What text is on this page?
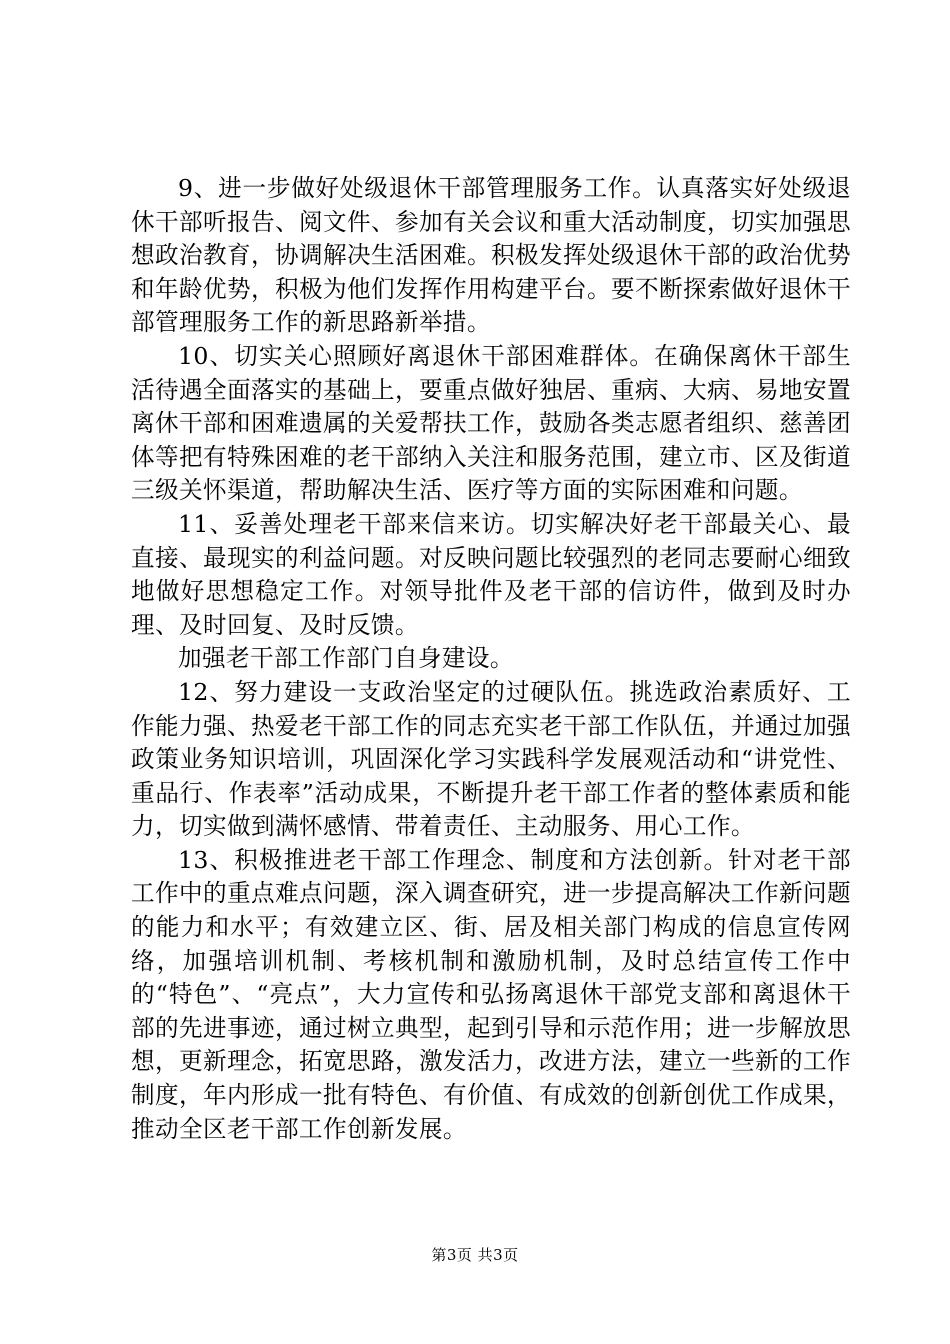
9、进一步做好处级退休干部管理服务工作。认真落实好处级退休干部听报告、阅文件、参加有关会议和重大活动制度，切实加强思想政治教育，协调解决生活困难。积极发挥处级退休干部的政治优势和年龄优势，积极为他们发挥作用构建平台。要不断探索做好退休干部管理服务工作的新思路新举措。

10、切实关心照顾好离退休干部困难群体。在确保离休干部生活待遇全面落实的基础上，要重点做好独居、重病、大病、易地安置离休干部和困难遗属的关爱帮扶工作，鼓励各类志愿者组织、慈善团体等把有特殊困难的老干部纳入关注和服务范围，建立市、区及街道三级关怀渠道，帮助解决生活、医疗等方面的实际困难和问题。

11、妥善处理老干部来信来访。切实解决好老干部最关心、最直接、最现实的利益问题。对反映问题比较强烈的老同志要耐心细致地做好思想稳定工作。对领导批件及老干部的信访件，做到及时办理、及时回复、及时反馈。

加强老干部工作部门自身建设。

12、努力建设一支政治坚定的过硬队伍。挑选政治素质好、工作能力强、热爱老干部工作的同志充实老干部工作队伍，并通过加强政策业务知识培训，巩固深化学习实践科学发展观活动和“讲党性、重品行、作表率”活动成果，不断提升老干部工作者的整体素质和能力，切实做到满怀感情、带着责任、主动服务、用心工作。

13、积极推进老干部工作理念、制度和方法创新。针对老干部工作中的重点难点问题，深入调查研究，进一步提高解决工作新问题的能力和水平；有效建立区、街、居及相关部门构成的信息宣传网络，加强培训机制、考核机制和激励机制，及时总结宣传工作中的“特色”、“亮点”，大力宣传和弘扬离退休干部党支部和离退休干部的先进事迹，通过树立典型，起到引导和示范作用；进一步解放思想，更新理念，拓宽思路，激发活力，改进方法，建立一些新的工作制度，年内形成一批有特色、有价值、有成效的创新创优工作成果，推动全区老干部工作创新发展。

第3页 共3页
